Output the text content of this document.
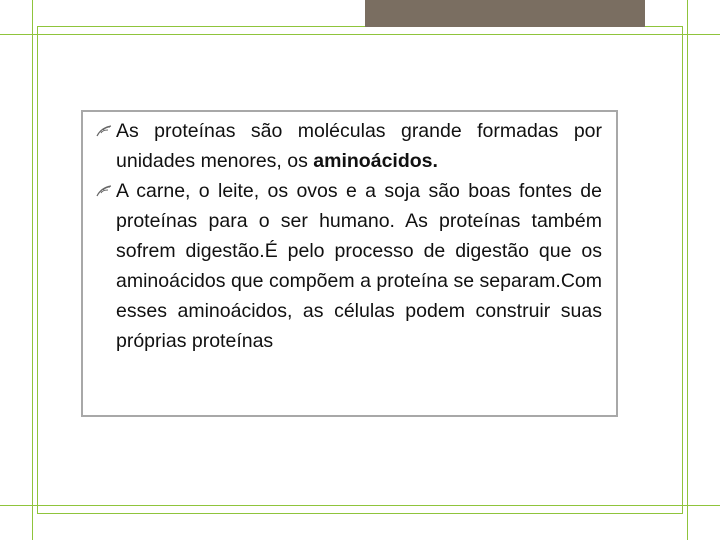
As proteínas são moléculas grande formadas por unidades menores, os aminoácidos.
A carne, o leite, os ovos e a soja são boas fontes de proteínas para o ser humano. As proteínas também sofrem digestão.É pelo processo de digestão que os aminoácidos que compõem a proteína se separam.Com esses aminoácidos, as células podem construir suas próprias proteínas
